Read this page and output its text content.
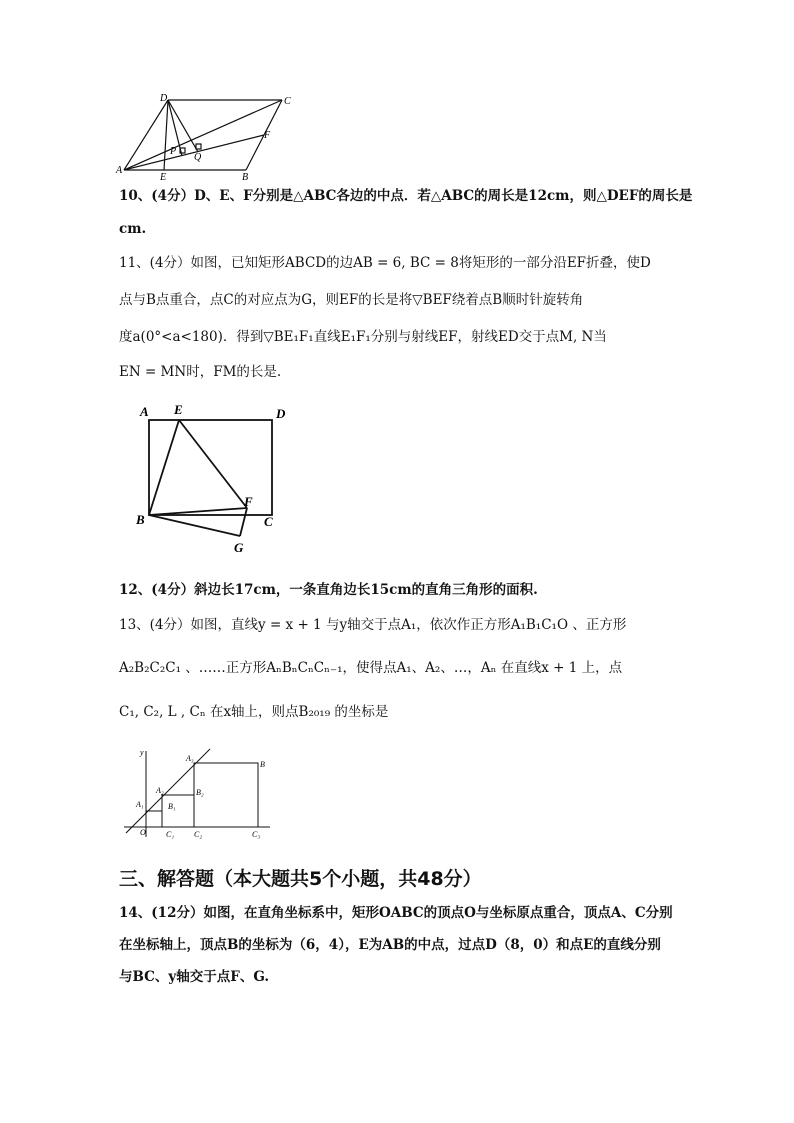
D	C
F
P
Q
A
E	B
10、(4分）D、E、F分别是△ABC各边的中点．若△ABC的周长是12cm，则△DEF的周长是
cm.
11、(4分）如图，已知矩形ABCD的边AB = 6, BC = 8将矩形的一部分沿EF折叠，使D
点与B点重合，点C的对应点为G，则EF的长是将▽BEF绕着点B顺时针旋转角
度a(0°<a<180)．得到▽BE₁F₁直线E₁F₁分别与射线EF，射线ED交于点M, N当
EN = MN时，FM的长是.
A E	D
B
F
C
G
12、(4分）斜边长17cm，一条直角边长15cm的直角三角形的面积.
13、(4分）如图，直线y = x + 1 与y轴交于点A₁，依次作正方形A₁B₁C₁O 、正方形
A₂B₂C₂C₁ 、……正方形AₙBₙCₙCₙ₋₁，使得点A₁、A₂、…，Aₙ 在直线x + 1 上，点
C₁, C₂, L , Cₙ 在x轴上，则点B₂₀₁₉ 的坐标是
y
O
A₁
A₂
A₃
B₁
B₂
B
C₁ C₂	C₃
三、解答题（本大题共5个小题，共48分）
14、(12分）如图，在直角坐标系中，矩形OABC的顶点O与坐标原点重合，顶点A、C分别
在坐标轴上，顶点B的坐标为（6，4），E为AB的中点，过点D（8，0）和点E的直线分别
与BC、y轴交于点F、G.
